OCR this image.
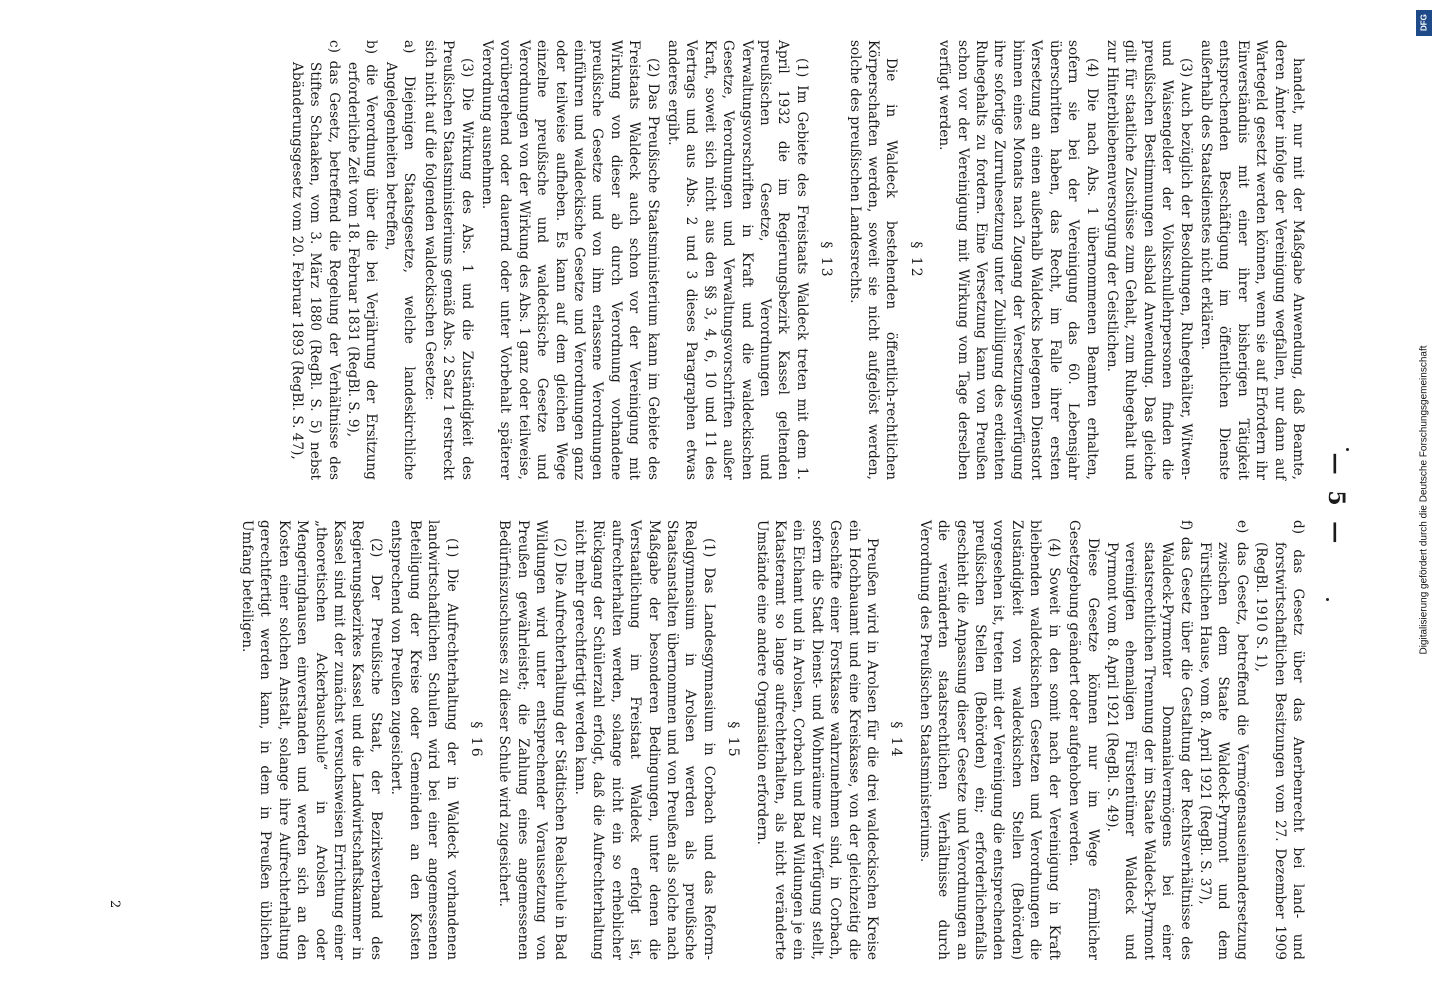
— 5 —

handelt, nur mit der Maßgabe Anwendung, daß Beamte, deren Ämter infolge der Vereinigung wegfallen, nur dann auf Wartegeld gesetzt werden können, wenn sie auf Erfordern ihr Einverständnis mit einer ihrer bisherigen Tätigkeit entsprechenden Beschäftigung im öffentlichen Dienste außerhalb des Staatsdienstes nicht erklären.

(3) Auch bezüglich der Besoldungen, Ruhegehälter, Witwen- und Waisengelder der Volksschullehrpersonen finden die preußischen Bestimmungen alsbald Anwendung. Das gleiche gilt für staatliche Zuschüsse zum Gehalt, zum Ruhegehalt und zur Hinterbliebenenversorgung der Geistlichen.

(4) Die nach Abs. 1 übernommenen Beamten erhalten, sofern sie bei der Vereinigung das 60. Lebensjahr überschritten haben, das Recht, im Falle ihrer ersten Versetzung an einen außerhalb Waldecks belegenen Dienstort binnen eines Monats nach Zugang der Versetzungsverfügung ihre sofortige Zurruhesetzung unter Zubilligung des erdienten Ruhegehalts zu fordern. Eine Versetzung kann von Preußen schon vor der Vereinigung mit Wirkung vom Tage derselben verfügt werden.

§ 12

Die in Waldeck bestehenden öffentlich-rechtlichen Körperschaften werden, soweit sie nicht aufgelöst werden, solche des preußischen Landesrechts.

§ 13

(1) Im Gebiete des Freistaats Waldeck treten mit dem 1. April 1932 die im Regierungsbezirk Kassel geltenden preußischen Gesetze, Verordnungen und Verwaltungsvorschriften in Kraft und die waldeckischen Gesetze, Verordnungen und Verwaltungsvorschriften außer Kraft, soweit sich nicht aus den §§ 3, 4, 6, 10 und 11 des Vertrags und aus Abs. 2 und 3 dieses Paragraphen etwas anderes ergibt.

(2) Das Preußische Staatsministerium kann im Gebiete des Freistaats Waldeck auch schon vor der Vereinigung mit Wirkung von dieser ab durch Verordnung vorhandene preußische Gesetze und von ihm erlassene Verordnungen einführen und waldeckische Gesetze und Verordnungen ganz oder teilweise aufheben. Es kann auf dem gleichen Wege einzelne preußische und waldeckische Gesetze und Verordnungen von der Wirkung des Abs. 1 ganz oder teilweise, vorübergehend oder dauernd oder unter Vorbehalt späterer Verordnung ausnehmen.

(3) Die Wirkung des Abs. 1 und die Zuständigkeit des Preußischen Staatsministeriums gemäß Abs. 2 Satz 1 erstreckt sich nicht auf die folgenden waldeckischen Gesetze:

a) Diejenigen Staatsgesetze, welche landeskirchliche Angelegenheiten betreffen,
b) die Verordnung über die bei Verjährung der Ersitzung erforderliche Zeit vom 18. Februar 1831 (RegBl. S. 9),
c) das Gesetz, betreffend die Regelung der Verhältnisse des Stiftes Schaaken, vom 3. März 1880 (RegBl. S. 5) nebst Abänderungsgesetz vom 20. Februar 1893 (RegBl. S. 47),
d) das Gesetz über das Anerbenrecht bei land- und forstwirtschaftlichen Besitzungen vom 27. Dezember 1909 (RegBl. 1910 S. 1),
e) das Gesetz, betreffend die Vermögensauseinandersetzung zwischen dem Staate Waldeck-Pyrmont und dem Fürstlichen Hause, vom 8. April 1921 (RegBl. S. 37),
f) das Gesetz über die Gestaltung der Rechtsverhältnisse des Waldeck-Pyrmonter Domanialvermögens bei einer staatsrechtlichen Trennung der im Staate Waldeck-Pyrmont vereinigten ehemaligen Fürstentümer Waldeck und Pyrmont vom 8. April 1921 (RegBl. S. 49).

Diese Gesetze können nur im Wege förmlicher Gesetzgebung geändert oder aufgehoben werden.

(4) Soweit in den somit nach der Vereinigung in Kraft bleibenden waldeckischen Gesetzen und Verordnungen die Zuständigkeit von waldeckischen Stellen (Behörden) vorgesehen ist, treten mit der Vereinigung die entsprechenden preußischen Stellen (Behörden) ein; erforderlichenfalls geschieht die Anpassung dieser Gesetze und Verordnungen an die veränderten staatsrechtlichen Verhältnisse durch Verordnung des Preußischen Staatsministeriums.

§ 14

Preußen wird in Arolsen für die drei waldeckischen Kreise ein Hochbauamt und eine Kreiskasse, von der gleichzeitig die Geschäfte einer Forstkasse wahrzunehmen sind, in Corbach, sofern die Stadt Dienst- und Wohnräume zur Verfügung stellt, ein Eichamt und in Arolsen, Corbach und Bad Wildungen je ein Katasteramt so lange aufrechterhalten, als nicht veränderte Umstände eine andere Organisation erfordern.

§ 15

(1) Das Landesgymnasium in Corbach und das Reform-Realgymnasium in Arolsen werden als preußische Staatsanstalten übernommen und von Preußen als solche nach Maßgabe der besonderen Bedingungen, unter denen die Verstaatlichung im Freistaat Waldeck erfolgt ist, aufrechterhalten werden, solange nicht ein so erheblicher Rückgang der Schülerzahl erfolgt, daß die Aufrechterhaltung nicht mehr gerechtfertigt werden kann.

(2) Die Aufrechterhaltung der Städtischen Realschule in Bad Wildungen wird unter entsprechender Voraussetzung von Preußen gewährleistet; die Zahlung eines angemessenen Bedürfniszuschusses zu dieser Schule wird zugesichert.

§ 16

(1) Die Aufrechterhaltung der in Waldeck vorhandenen landwirtschaftlichen Schulen wird bei einer angemessenen Beteiligung der Kreise oder Gemeinden an den Kosten entsprechend von Preußen zugesichert.

(2) Der Preußische Staat, der Bezirksverband des Regierungsbezirkes Kassel und die Landwirtschaftskammer in Kassel sind mit der zunächst versuchsweisen Errichtung einer „theoretischen Ackerbauschule“ in Arolsen oder Mengeringhausen einverstanden und werden sich an den Kosten einer solchen Anstalt, solange ihre Aufrechterhaltung gerechtfertigt werden kann, in dem in Preußen üblichen Umfang beteiligen.

2
DFG
Digitalisierung gefördert durch die Deutsche Forschungsgemeinschaft
